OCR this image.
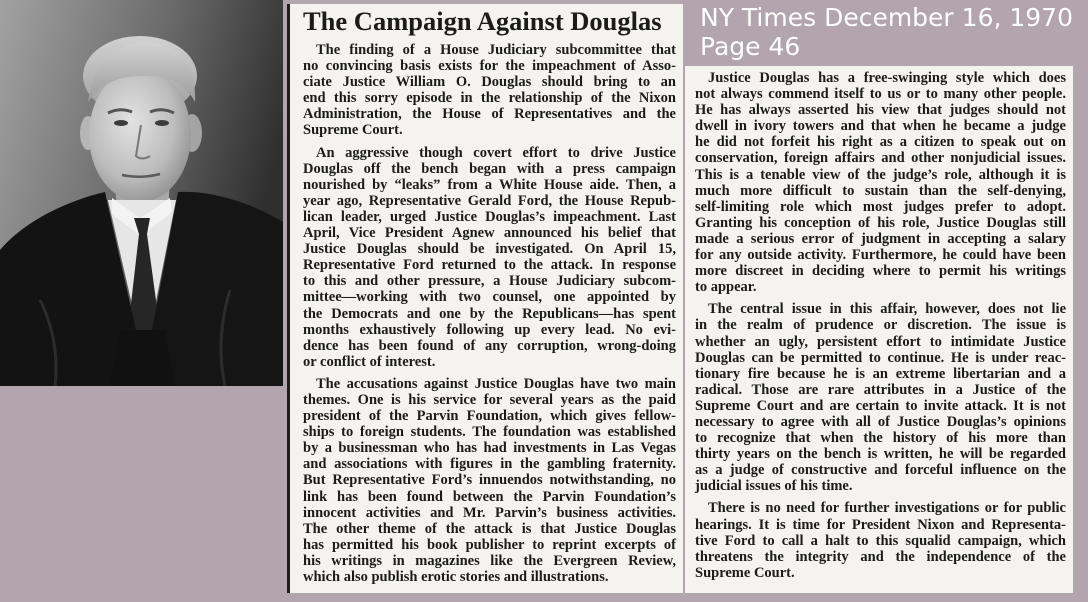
NY Times December 16, 1970
Page 46
The Campaign Against Douglas

The finding of a House Judiciary subcommittee that
no convincing basis exists for the impeachment of Asso-
ciate Justice William O. Douglas should bring to an
end this sorry episode in the relationship of the Nixon
Administration, the House of Representatives and the
Supreme Court.

An aggressive though covert effort to drive Justice
Douglas off the bench began with a press campaign
nourished by “leaks” from a White House aide. Then, a
year ago, Representative Gerald Ford, the House Repub-
lican leader, urged Justice Douglas’s impeachment. Last
April, Vice President Agnew announced his belief that
Justice Douglas should be investigated. On April 15,
Representative Ford returned to the attack. In response
to this and other pressure, a House Judiciary subcom-
mittee—working with two counsel, one appointed by
the Democrats and one by the Republicans—has spent
months exhaustively following up every lead. No evi-
dence has been found of any corruption, wrong-doing
or conflict of interest.

The accusations against Justice Douglas have two main
themes. One is his service for several years as the paid
president of the Parvin Foundation, which gives fellow-
ships to foreign students. The foundation was established
by a businessman who has had investments in Las Vegas
and associations with figures in the gambling fraternity.
But Representative Ford’s innuendos notwithstanding, no
link has been found between the Parvin Foundation’s
innocent activities and Mr. Parvin’s business activities.
The other theme of the attack is that Justice Douglas
has permitted his book publisher to reprint excerpts of
his writings in magazines like the Evergreen Review,
which also publish erotic stories and illustrations.

Justice Douglas has a free-swinging style which does
not always commend itself to us or to many other people.
He has always asserted his view that judges should not
dwell in ivory towers and that when he became a judge
he did not forfeit his right as a citizen to speak out on
conservation, foreign affairs and other nonjudicial issues.
This is a tenable view of the judge’s role, although it is
much more difficult to sustain than the self-denying,
self-limiting role which most judges prefer to adopt.
Granting his conception of his role, Justice Douglas still
made a serious error of judgment in accepting a salary
for any outside activity. Furthermore, he could have been
more discreet in deciding where to permit his writings
to appear.

The central issue in this affair, however, does not lie
in the realm of prudence or discretion. The issue is
whether an ugly, persistent effort to intimidate Justice
Douglas can be permitted to continue. He is under reac-
tionary fire because he is an extreme libertarian and a
radical. Those are rare attributes in a Justice of the
Supreme Court and are certain to invite attack. It is not
necessary to agree with all of Justice Douglas’s opinions
to recognize that when the history of his more than
thirty years on the bench is written, he will be regarded
as a judge of constructive and forceful influence on the
judicial issues of his time.

There is no need for further investigations or for public
hearings. It is time for President Nixon and Representa-
tive Ford to call a halt to this squalid campaign, which
threatens the integrity and the independence of the
Supreme Court.
